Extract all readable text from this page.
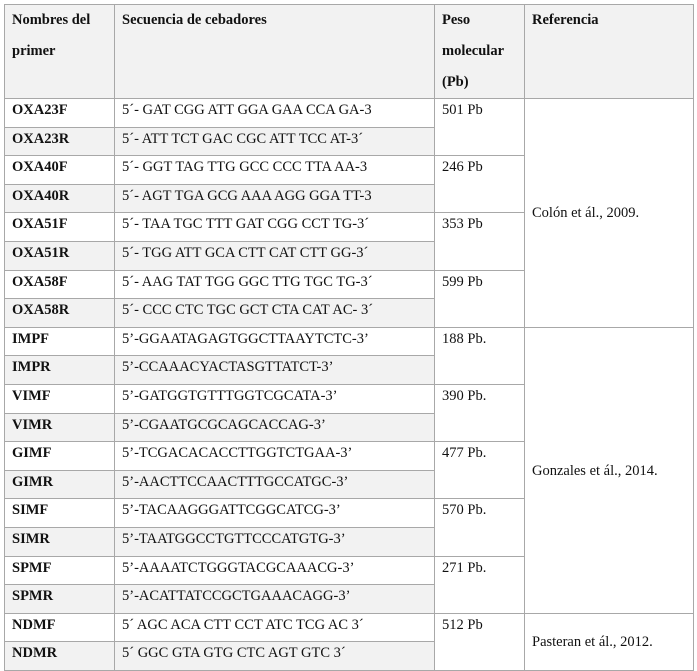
Nombres del primer	Secuencia de cebadores	Peso molecular (Pb)	Referencia
OXA23F	5´- GAT CGG ATT GGA GAA CCA GA-3	501 Pb	Colón et ál., 2009.
OXA23R	5´- ATT TCT GAC CGC ATT TCC AT-3´		
OXA40F	5´- GGT TAG TTG GCC CCC TTA AA-3	246 Pb	
OXA40R	5´- AGT TGA GCG AAA AGG GGA TT-3		
OXA51F	5´- TAA TGC TTT GAT CGG CCT TG-3´	353 Pb	
OXA51R	5´- TGG ATT GCA CTT CAT CTT GG-3´		
OXA58F	5´- AAG TAT TGG GGC TTG TGC TG-3´	599 Pb	
OXA58R	5´- CCC CTC TGC GCT CTA CAT AC- 3´		
IMPF	5’-GGAATAGAGTGGCTTAAYTCTC-3’	188 Pb.	Gonzales et ál., 2014.
IMPR	5’-CCAAACYACTASGTTATCT-3’		
VIMF	5’-GATGGTGTTTGGTCGCATA-3’	390 Pb.	
VIMR	5’-CGAATGCGCAGCACCAG-3’		
GIMF	5’-TCGACACACCTTGGTCTGAA-3’	477 Pb.	
GIMR	5’-AACTTCCAACTTTGCCATGC-3’		
SIMF	5’-TACAAGGGATTCGGCATCG-3’	570 Pb.	
SIMR	5’-TAATGGCCTGTTCCCATGTG-3’		
SPMF	5’-AAAATCTGGGTACGCAAACG-3’	271 Pb.	
SPMR	5’-ACATTATCCGCTGAAACAGG-3’		
NDMF	5´ AGC ACA CTT CCT ATC TCG AC 3´	512 Pb	Pasteran et ál., 2012.
NDMR	5´ GGC GTA GTG CTC AGT GTC 3´		
